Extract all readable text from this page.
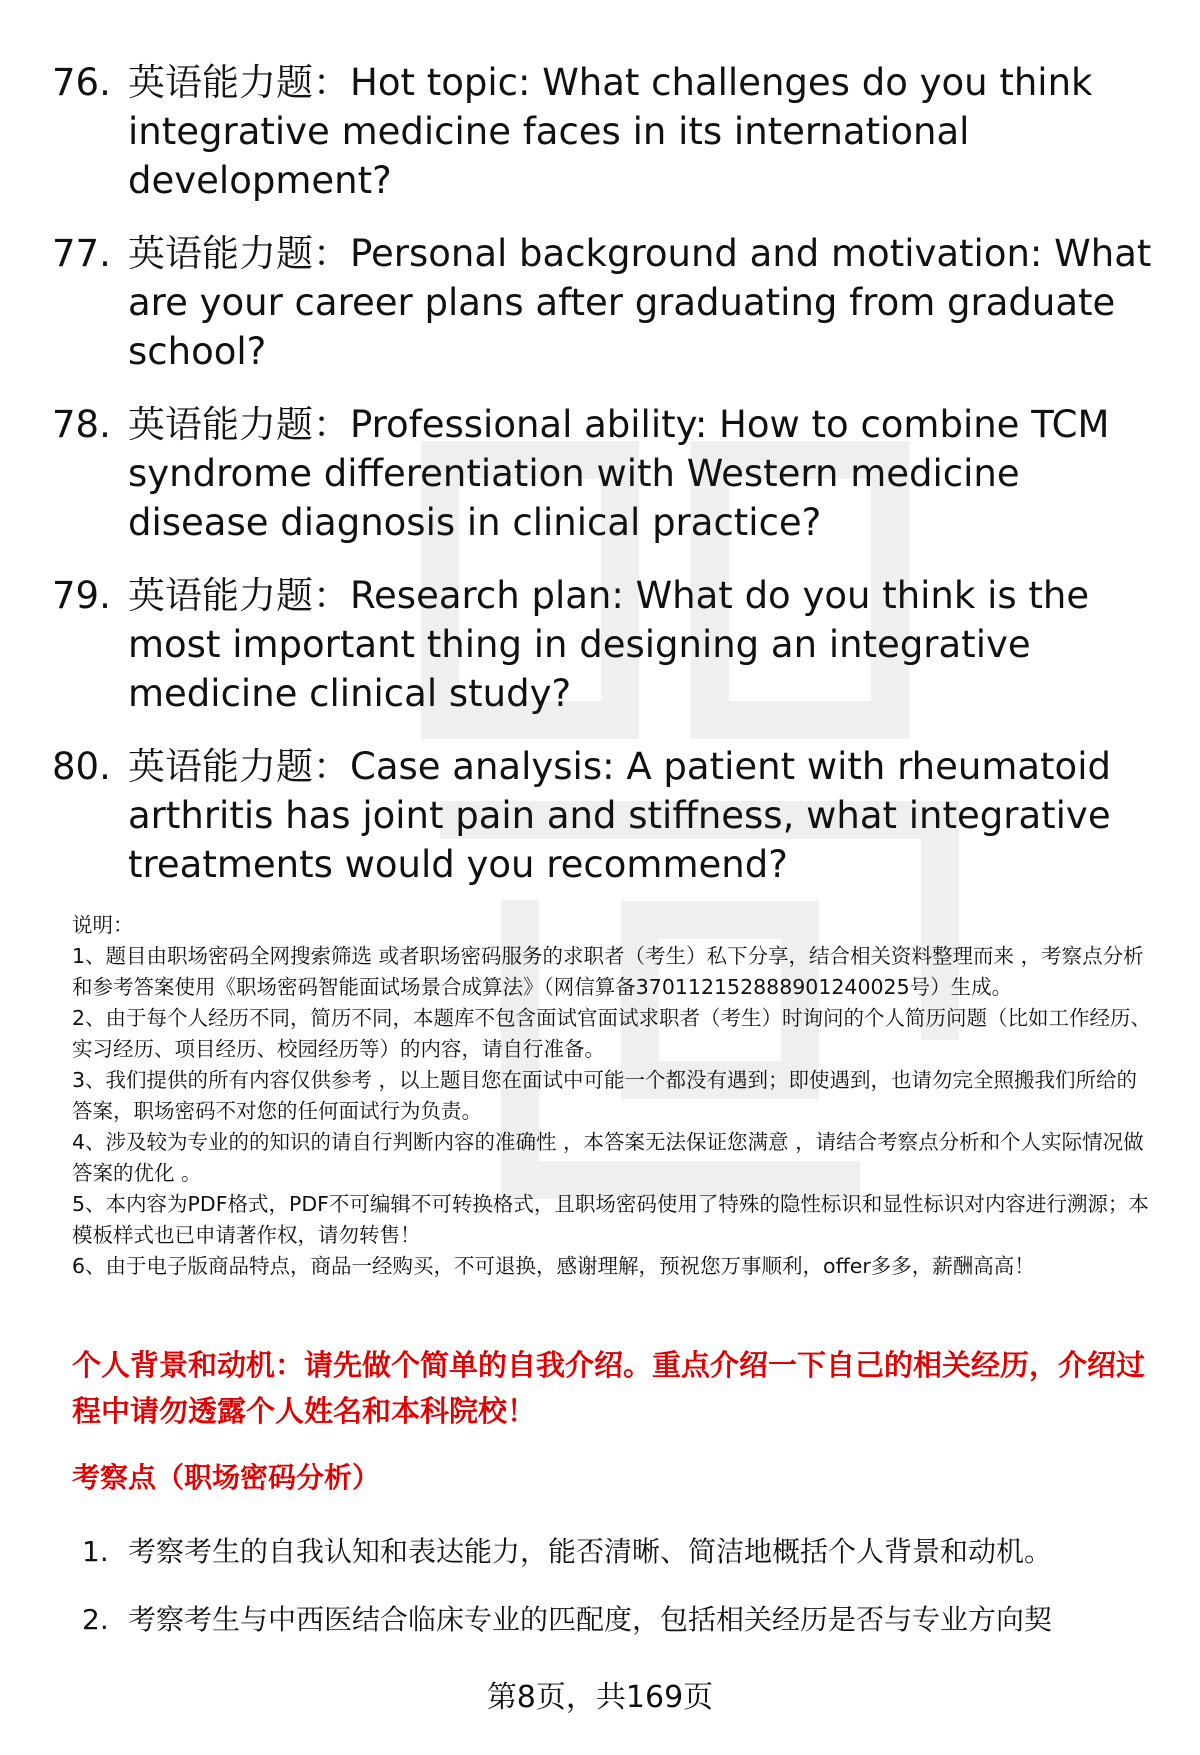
76. 英语能力题：Hot topic: What challenges do you think integrative medicine faces in its international development?
77. 英语能力题：Personal background and motivation: What are your career plans after graduating from graduate school?
78. 英语能力题：Professional ability: How to combine TCM syndrome differentiation with Western medicine disease diagnosis in clinical practice?
79. 英语能力题：Research plan: What do you think is the most important thing in designing an integrative medicine clinical study?
80. 英语能力题：Case analysis: A patient with rheumatoid arthritis has joint pain and stiffness, what integrative treatments would you recommend?

说明：

1、题目由职场密码全网搜索筛选 或者职场密码服务的求职者（考生）私下分享，结合相关资料整理而来 ，考察点分析和参考答案使用《职场密码智能面试场景合成算法》（网信算备370112152888901240025号）生成。

2、由于每个人经历不同，简历不同，本题库不包含面试官面试求职者（考生）时询问的个人简历问题（比如工作经历、实习经历、项目经历、校园经历等）的内容，请自行准备。

3、我们提供的所有内容仅供参考 ，以上题目您在面试中可能一个都没有遇到；即使遇到，也请勿完全照搬我们所给的答案，职场密码不对您的任何面试行为负责。

4、涉及较为专业的的知识的请自行判断内容的准确性 ，本答案无法保证您满意 ，请结合考察点分析和个人实际情况做答案的优化 。

5、本内容为PDF格式，PDF不可编辑不可转换格式，且职场密码使用了特殊的隐性标识和显性标识对内容进行溯源；本模板样式也已申请著作权，请勿转售！

6、由于电子版商品特点，商品一经购买，不可退换，感谢理解，预祝您万事顺利，offer多多，薪酬高高！

个人背景和动机：请先做个简单的自我介绍。重点介绍一下自己的相关经历，介绍过程中请勿透露个人姓名和本科院校！

考察点（职场密码分析）

1. 考察考生的自我认知和表达能力，能否清晰、简洁地概括个人背景和动机。
2. 考察考生与中西医结合临床专业的匹配度，包括相关经历是否与专业方向契
第8页，共169页
